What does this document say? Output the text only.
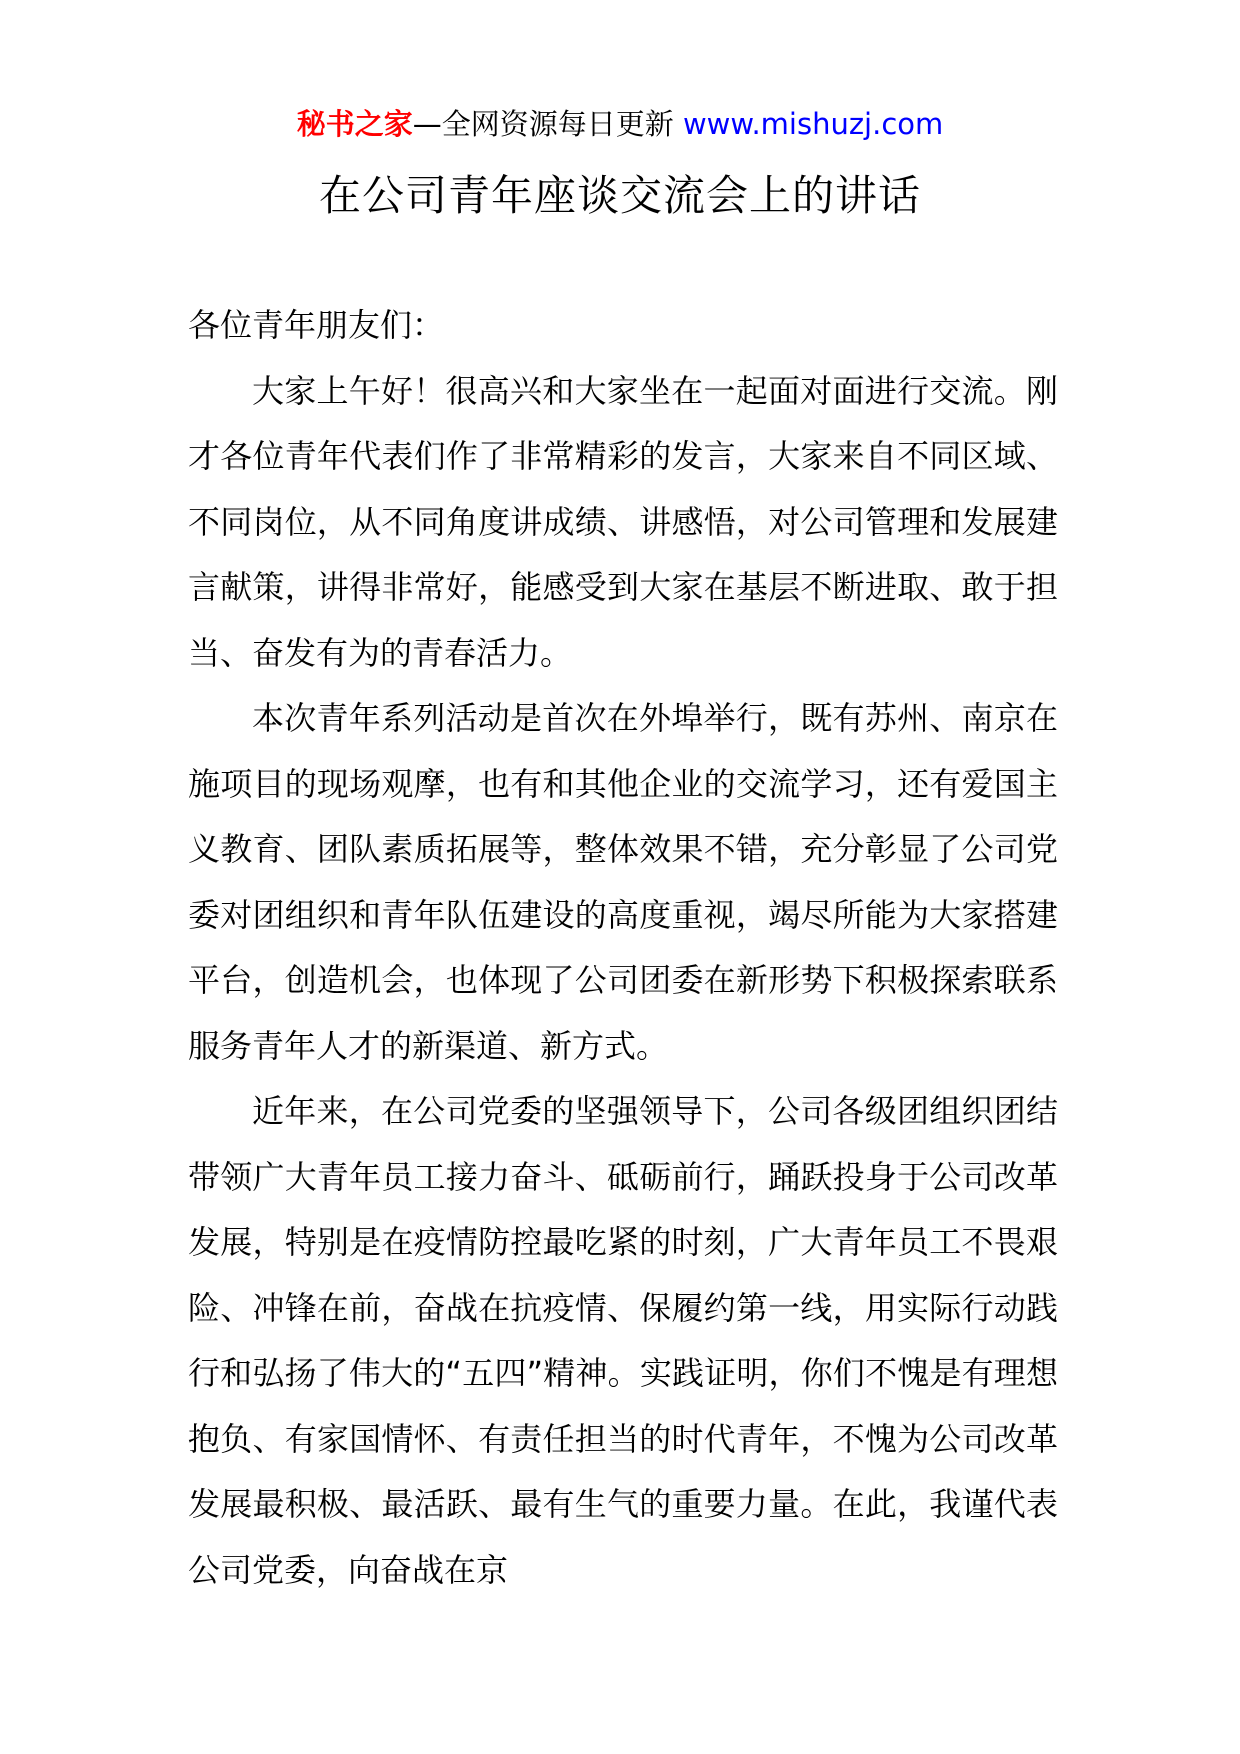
秘书之家—全网资源每日更新 www.mishuzj.com
在公司青年座谈交流会上的讲话

各位青年朋友们：

大家上午好！很高兴和大家坐在一起面对面进行交流。刚才各位青年代表们作了非常精彩的发言，大家来自不同区域、不同岗位，从不同角度讲成绩、讲感悟，对公司管理和发展建言献策，讲得非常好，能感受到大家在基层不断进取、敢于担当、奋发有为的青春活力。

本次青年系列活动是首次在外埠举行，既有苏州、南京在施项目的现场观摩，也有和其他企业的交流学习，还有爱国主义教育、团队素质拓展等，整体效果不错，充分彰显了公司党委对团组织和青年队伍建设的高度重视，竭尽所能为大家搭建平台，创造机会，也体现了公司团委在新形势下积极探索联系服务青年人才的新渠道、新方式。

近年来，在公司党委的坚强领导下，公司各级团组织团结带领广大青年员工接力奋斗、砥砺前行，踊跃投身于公司改革发展，特别是在疫情防控最吃紧的时刻，广大青年员工不畏艰险、冲锋在前，奋战在抗疫情、保履约第一线，用实际行动践行和弘扬了伟大的“五四”精神。实践证明，你们不愧是有理想抱负、有家国情怀、有责任担当的时代青年，不愧为公司改革发展最积极、最活跃、最有生气的重要力量。在此，我谨代表公司党委，向奋战在京
